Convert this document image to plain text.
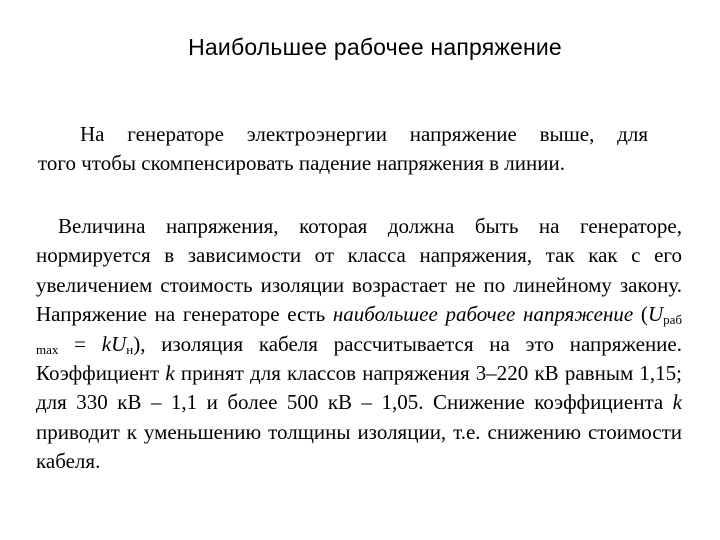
Наибольшее рабочее напряжение
На генераторе электроэнергии напряжение выше, для
того чтобы скомпенсировать падение напряжения в линии.
Величина напряжения, которая должна быть на генераторе, нормируется в зависимости от класса напряжения, так как с его увеличением стоимость изоляции возрастает не по линейному закону. Напряжение на генераторе есть наибольшее рабочее напряжение $(U_{раб max} = kU_н)$, изоляция кабеля рассчитывается на это напряжение. Коэффициент k принят для классов напряжения 3–220 кВ равным 1,15; для 330 кВ – 1,1 и более 500 кВ – 1,05. Снижение коэффициента k приводит к уменьшению толщины изоляции, т.е. снижению стоимости кабеля.
